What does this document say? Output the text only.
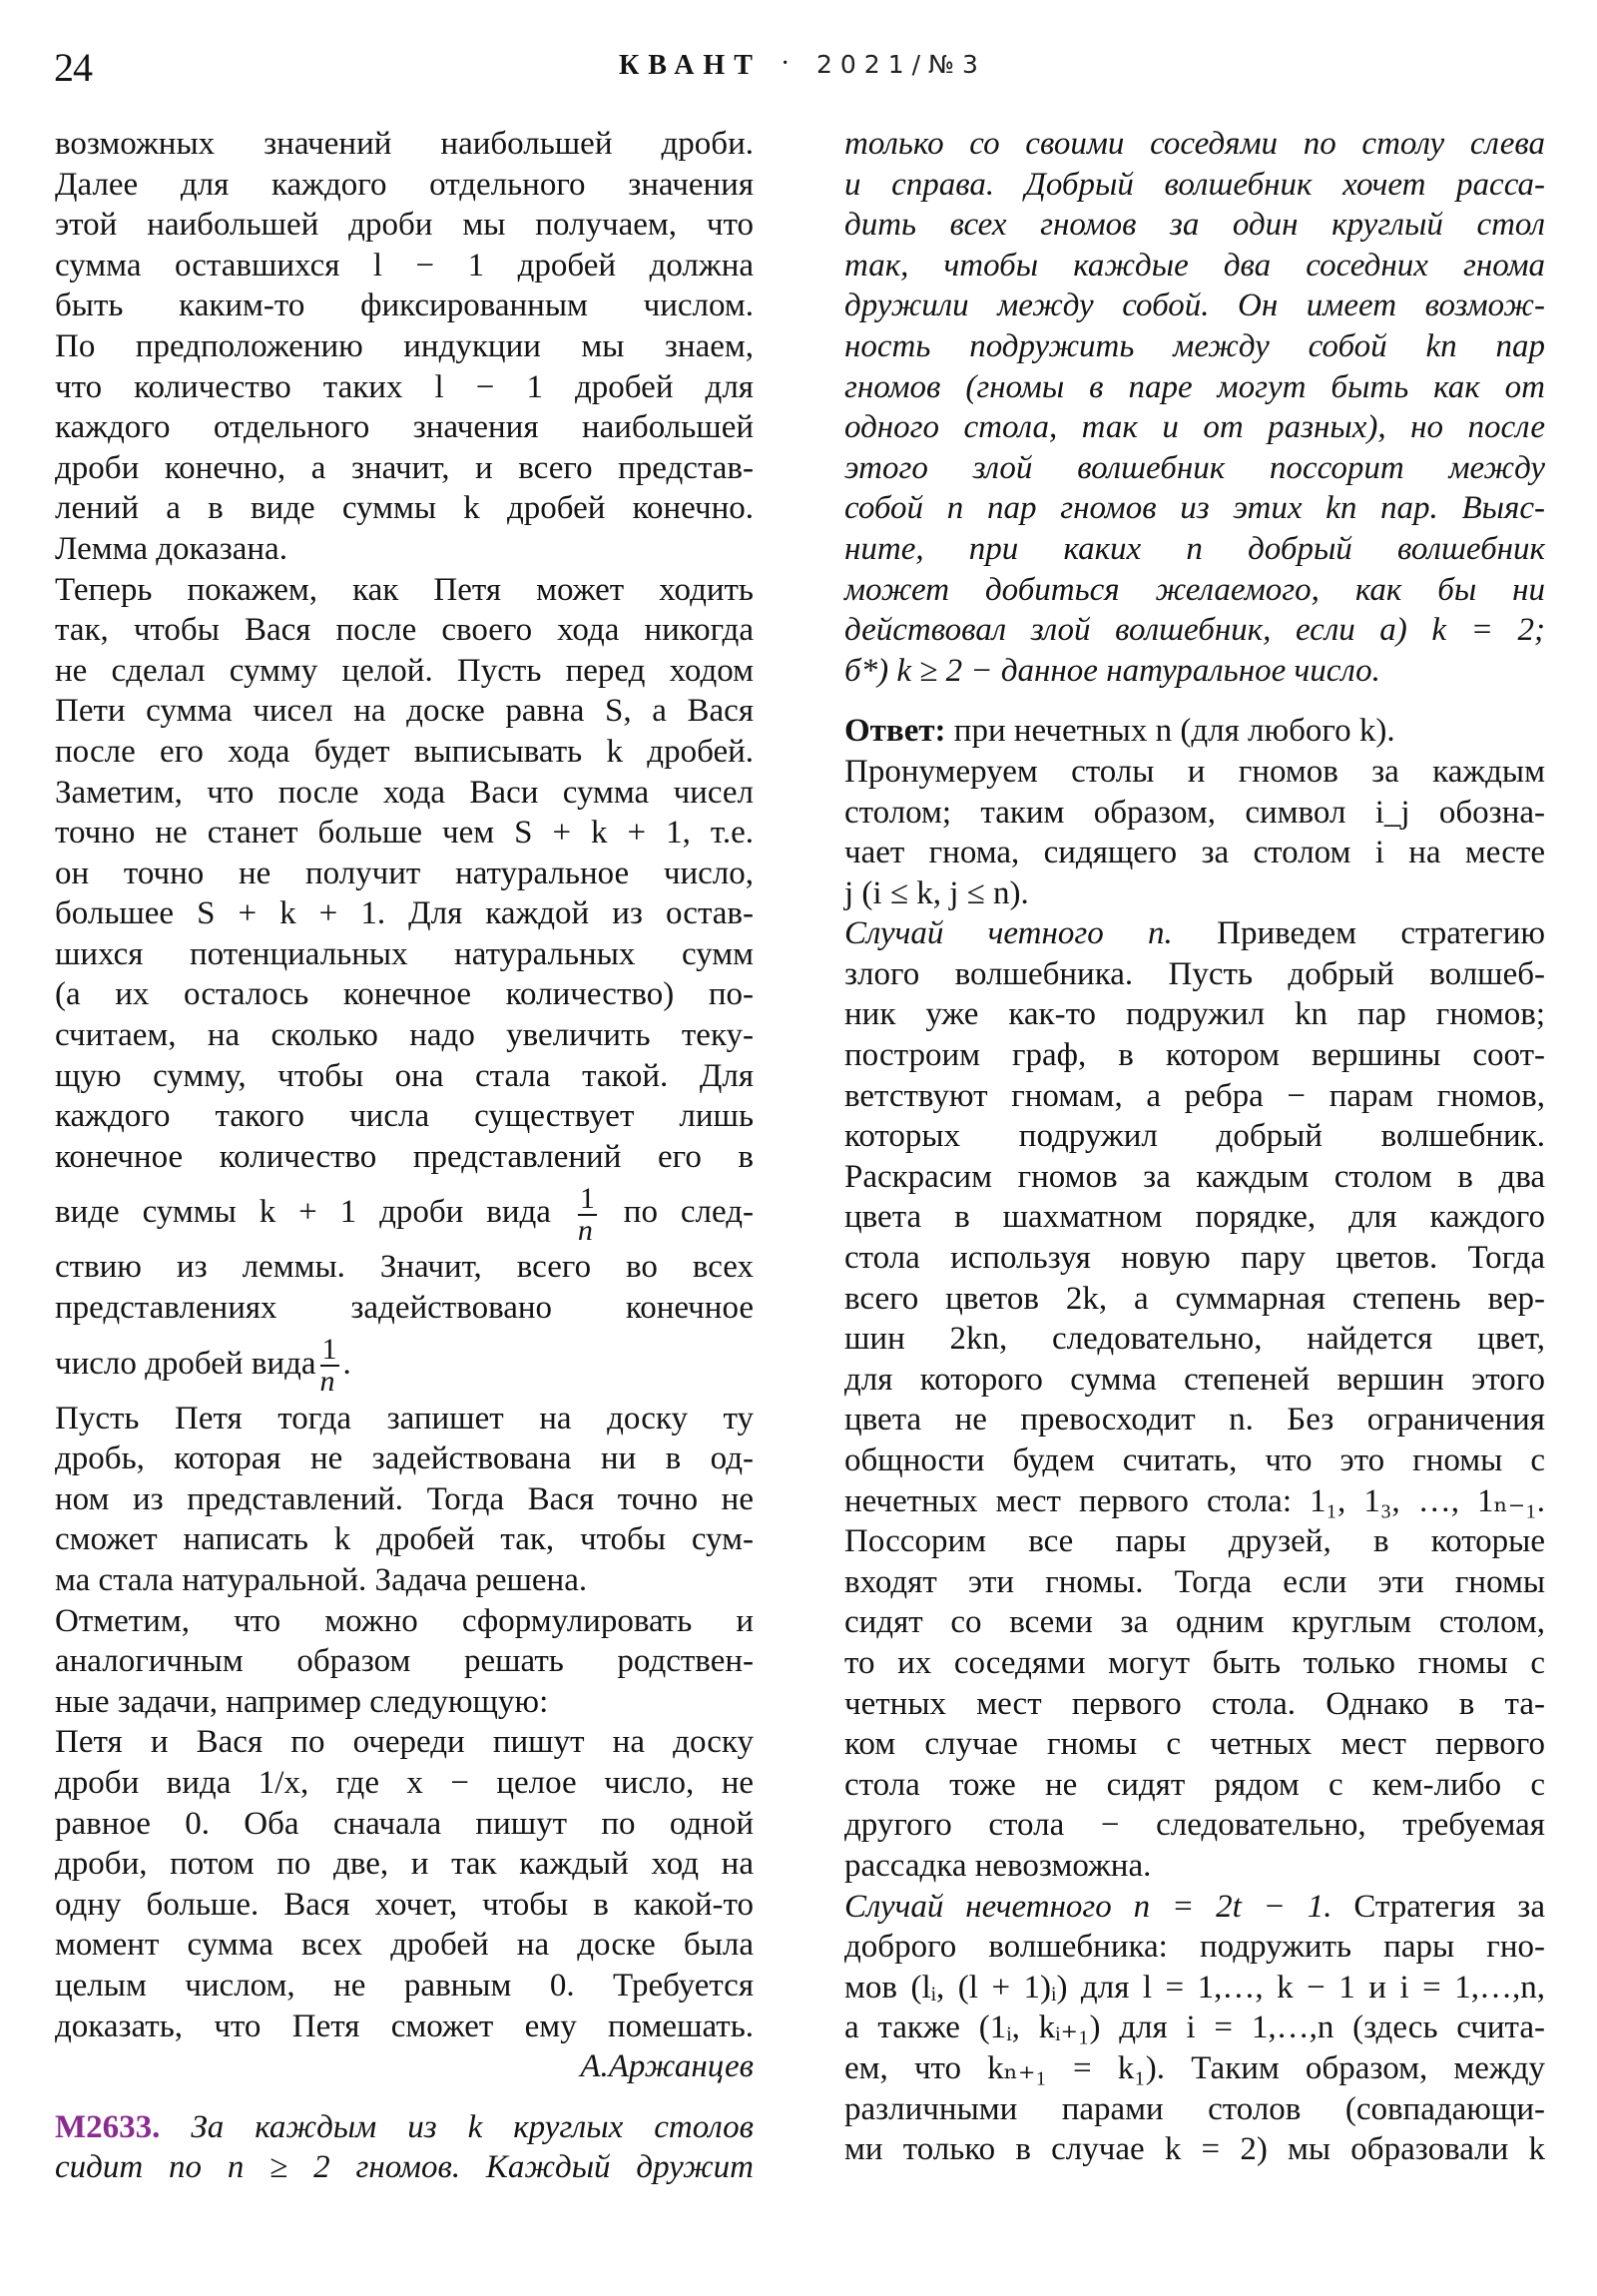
24	КВАНТ · 2021/№3
возможных значений наибольшей дроби.
Далее для каждого отдельного значения
этой наибольшей дроби мы получаем, что
сумма оставшихся l − 1 дробей должна
быть каким-то фиксированным числом.
По предположению индукции мы знаем,
что количество таких l − 1 дробей для
каждого отдельного значения наибольшей
дроби конечно, а значит, и всего представ-
лений a в виде суммы k дробей конечно.
Лемма доказана.
Теперь покажем, как Петя может ходить
так, чтобы Вася после своего хода никогда
не сделал сумму целой. Пусть перед ходом
Пети сумма чисел на доске равна S, а Вася
после его хода будет выписывать k дробей.
Заметим, что после хода Васи сумма чисел
точно не станет больше чем S + k + 1, т.е.
он точно не получит натуральное число,
большее S + k + 1. Для каждой из остав-
шихся потенциальных натуральных сумм
(а их осталось конечное количество) по-
считаем, на сколько надо увеличить теку-
щую сумму, чтобы она стала такой. Для
каждого такого числа существует лишь
конечное количество представлений его в
виде суммы k + 1 дроби вида $\frac{1}{n}$ по след-
ствию из леммы. Значит, всего во всех
представлениях задействовано конечное
число дробей вида $\frac{1}{n}$ .
Пусть Петя тогда запишет на доску ту
дробь, которая не задействована ни в од-
ном из представлений. Тогда Вася точно не
сможет написать k дробей так, чтобы сум-
ма стала натуральной. Задача решена.
Отметим, что можно сформулировать и
аналогичным образом решать родствен-
ные задачи, например следующую:
Петя и Вася по очереди пишут на доску
дроби вида 1/x, где x − целое число, не
равное 0. Оба сначала пишут по одной
дроби, потом по две, и так каждый ход на
одну больше. Вася хочет, чтобы в какой-то
момент сумма всех дробей на доске была
целым числом, не равным 0. Требуется
доказать, что Петя сможет ему помешать.
А.Аржанцев
М2633. За каждым из k круглых столов
сидит по n ≥ 2 гномов. Каждый дружит
только со своими соседями по столу слева
и справа. Добрый волшебник хочет расса-
дить всех гномов за один круглый стол
так, чтобы каждые два соседних гнома
дружили между собой. Он имеет возмож-
ность подружить между собой kn пар
гномов (гномы в паре могут быть как от
одного стола, так и от разных), но после
этого злой волшебник поссорит между
собой n пар гномов из этих kn пар. Выяс-
ните, при каких n добрый волшебник
может добиться желаемого, как бы ни
действовал злой волшебник, если а) k = 2;
б*) k ≥ 2 − данное натуральное число.
Ответ: при нечетных n (для любого k).
Пронумеруем столы и гномов за каждым
столом; таким образом, символ i_j обозна-
чает гнома, сидящего за столом i на месте
j (i ≤ k, j ≤ n).
Случай четного n. Приведем стратегию
злого волшебника. Пусть добрый волшеб-
ник уже как-то подружил kn пар гномов;
построим граф, в котором вершины соот-
ветствуют гномам, а ребра − парам гномов,
которых подружил добрый волшебник.
Раскрасим гномов за каждым столом в два
цвета в шахматном порядке, для каждого
стола используя новую пару цветов. Тогда
всего цветов 2k, а суммарная степень вер-
шин 2kn, следовательно, найдется цвет,
для которого сумма степеней вершин этого
цвета не превосходит n. Без ограничения
общности будем считать, что это гномы с
нечетных мест первого стола: 1₁, 1₃, …, 1ₙ₋₁.
Поссорим все пары друзей, в которые
входят эти гномы. Тогда если эти гномы
сидят со всеми за одним круглым столом,
то их соседями могут быть только гномы с
четных мест первого стола. Однако в та-
ком случае гномы с четных мест первого
стола тоже не сидят рядом с кем-либо с
другого стола − следовательно, требуемая
рассадка невозможна.
Случай нечетного n = 2t − 1. Стратегия за
доброго волшебника: подружить пары гно-
мов (lᵢ, (l + 1)ᵢ) для l = 1,…, k − 1 и i = 1,…,n,
а также (1ᵢ, kᵢ₊₁) для i = 1,…,n (здесь счита-
ем, что kₙ₊₁ = k₁). Таким образом, между
различными парами столов (совпадающи-
ми только в случае k = 2) мы образовали k
